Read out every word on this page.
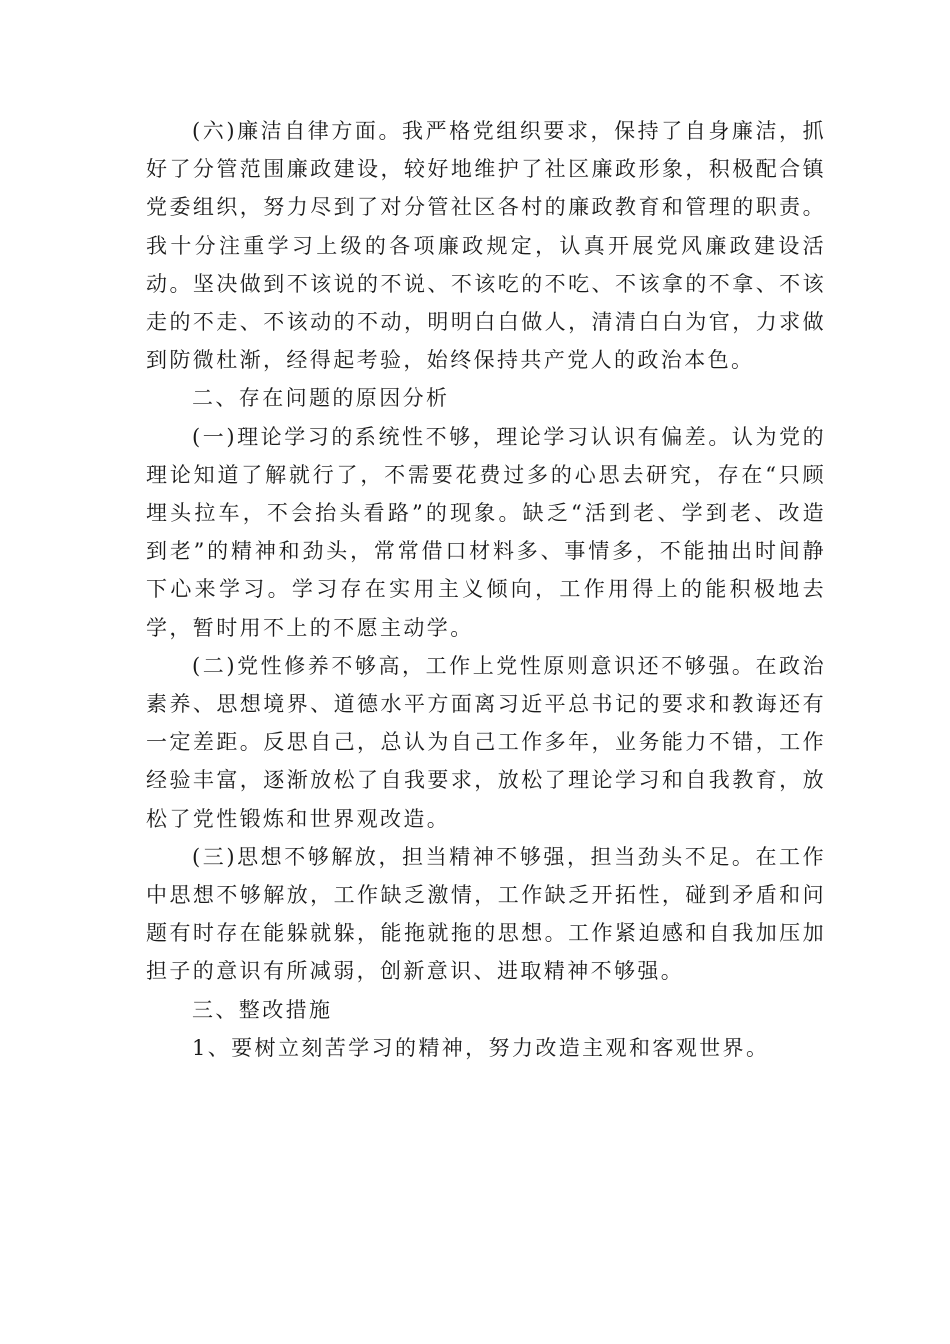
(六)廉洁自律方面。我严格党组织要求，保持了自身廉洁，抓好了分管范围廉政建设，较好地维护了社区廉政形象，积极配合镇党委组织，努力尽到了对分管社区各村的廉政教育和管理的职责。我十分注重学习上级的各项廉政规定，认真开展党风廉政建设活动。坚决做到不该说的不说、不该吃的不吃、不该拿的不拿、不该走的不走、不该动的不动，明明白白做人，清清白白为官，力求做到防微杜渐，经得起考验，始终保持共产党人的政治本色。

二、存在问题的原因分析

(一)理论学习的系统性不够，理论学习认识有偏差。认为党的理论知道了解就行了，不需要花费过多的心思去研究，存在“只顾埋头拉车，不会抬头看路”的现象。缺乏“活到老、学到老、改造到老”的精神和劲头，常常借口材料多、事情多，不能抽出时间静下心来学习。学习存在实用主义倾向，工作用得上的能积极地去学，暂时用不上的不愿主动学。

(二)党性修养不够高，工作上党性原则意识还不够强。在政治素养、思想境界、道德水平方面离习近平总书记的要求和教诲还有一定差距。反思自己，总认为自己工作多年，业务能力不错，工作经验丰富，逐渐放松了自我要求，放松了理论学习和自我教育，放松了党性锻炼和世界观改造。

(三)思想不够解放，担当精神不够强，担当劲头不足。在工作中思想不够解放，工作缺乏激情，工作缺乏开拓性，碰到矛盾和问题有时存在能躲就躲，能拖就拖的思想。工作紧迫感和自我加压加担子的意识有所减弱，创新意识、进取精神不够强。

三、整改措施

1、要树立刻苦学习的精神，努力改造主观和客观世界。
